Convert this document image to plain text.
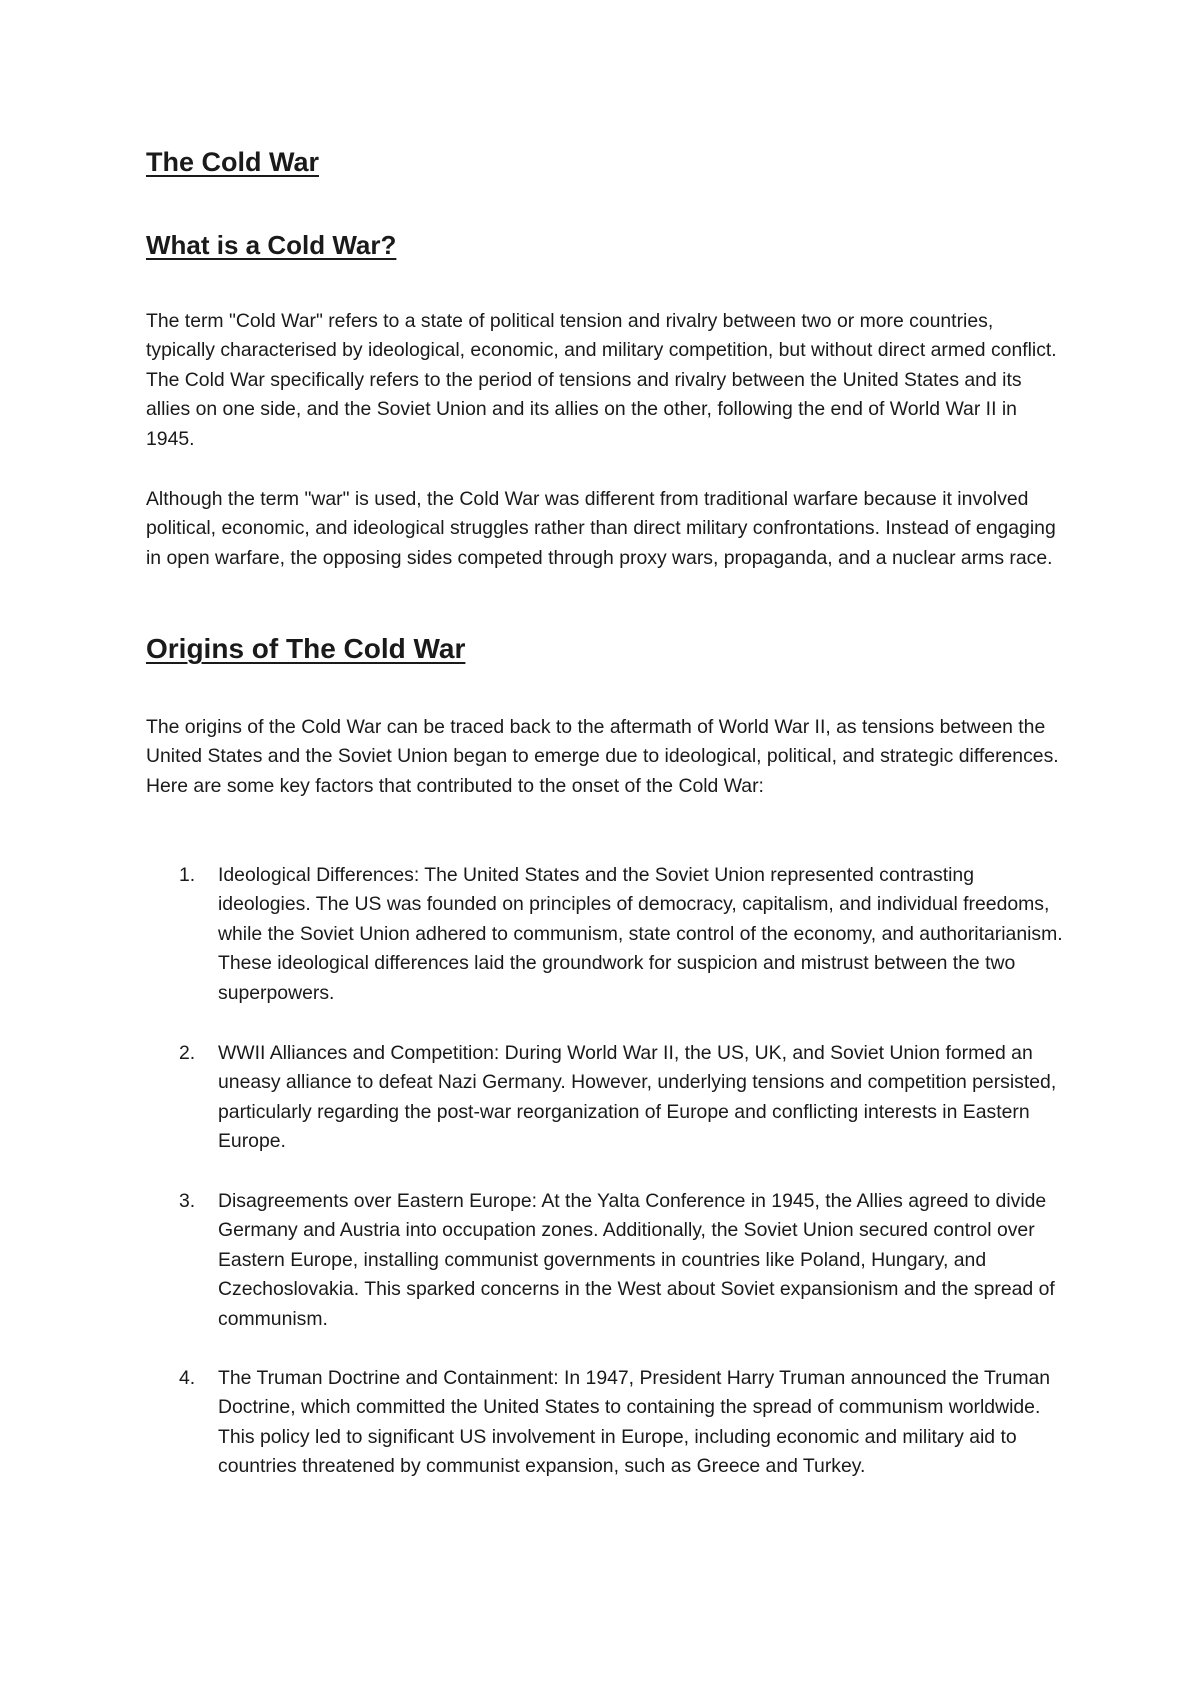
The Cold War
What is a Cold War?

The term "Cold War" refers to a state of political tension and rivalry between two or more countries, typically characterised by ideological, economic, and military competition, but without direct armed conflict. The Cold War specifically refers to the period of tensions and rivalry between the United States and its allies on one side, and the Soviet Union and its allies on the other, following the end of World War II in 1945.

Although the term "war" is used, the Cold War was different from traditional warfare because it involved political, economic, and ideological struggles rather than direct military confrontations. Instead of engaging in open warfare, the opposing sides competed through proxy wars, propaganda, and a nuclear arms race.

Origins of The Cold War

The origins of the Cold War can be traced back to the aftermath of World War II, as tensions between the United States and the Soviet Union began to emerge due to ideological, political, and strategic differences. Here are some key factors that contributed to the onset of the Cold War:

1.	Ideological Differences: The United States and the Soviet Union represented contrasting ideologies. The US was founded on principles of democracy, capitalism, and individual freedoms, while the Soviet Union adhered to communism, state control of the economy, and authoritarianism. These ideological differences laid the groundwork for suspicion and mistrust between the two superpowers.
2.	WWII Alliances and Competition: During World War II, the US, UK, and Soviet Union formed an uneasy alliance to defeat Nazi Germany. However, underlying tensions and competition persisted, particularly regarding the post-war reorganization of Europe and conflicting interests in Eastern Europe.
3.	Disagreements over Eastern Europe: At the Yalta Conference in 1945, the Allies agreed to divide Germany and Austria into occupation zones. Additionally, the Soviet Union secured control over Eastern Europe, installing communist governments in countries like Poland, Hungary, and Czechoslovakia. This sparked concerns in the West about Soviet expansionism and the spread of communism.
4.	The Truman Doctrine and Containment: In 1947, President Harry Truman announced the Truman Doctrine, which committed the United States to containing the spread of communism worldwide. This policy led to significant US involvement in Europe, including economic and military aid to countries threatened by communist expansion, such as Greece and Turkey.
